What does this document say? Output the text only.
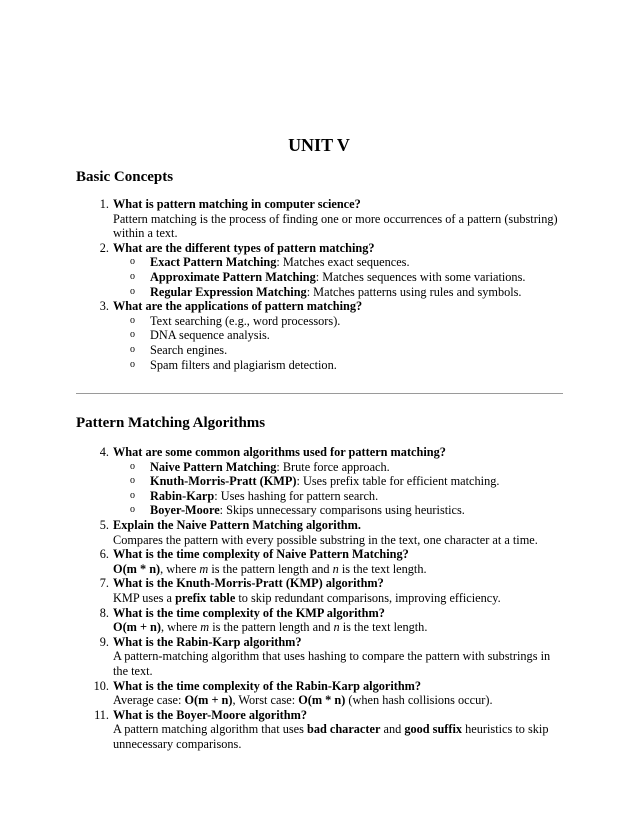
UNIT V
Basic Concepts
1. What is pattern matching in computer science?
Pattern matching is the process of finding one or more occurrences of a pattern (substring) within a text.
2. What are the different types of pattern matching?
o Exact Pattern Matching: Matches exact sequences.
o Approximate Pattern Matching: Matches sequences with some variations.
o Regular Expression Matching: Matches patterns using rules and symbols.
3. What are the applications of pattern matching?
o Text searching (e.g., word processors).
o DNA sequence analysis.
o Search engines.
o Spam filters and plagiarism detection.
Pattern Matching Algorithms
4. What are some common algorithms used for pattern matching?
o Naive Pattern Matching: Brute force approach.
o Knuth-Morris-Pratt (KMP): Uses prefix table for efficient matching.
o Rabin-Karp: Uses hashing for pattern search.
o Boyer-Moore: Skips unnecessary comparisons using heuristics.
5. Explain the Naive Pattern Matching algorithm.
Compares the pattern with every possible substring in the text, one character at a time.
6. What is the time complexity of Naive Pattern Matching?
O(m * n), where m is the pattern length and n is the text length.
7. What is the Knuth-Morris-Pratt (KMP) algorithm?
KMP uses a prefix table to skip redundant comparisons, improving efficiency.
8. What is the time complexity of the KMP algorithm?
O(m + n), where m is the pattern length and n is the text length.
9. What is the Rabin-Karp algorithm?
A pattern-matching algorithm that uses hashing to compare the pattern with substrings in the text.
10. What is the time complexity of the Rabin-Karp algorithm?
Average case: O(m + n), Worst case: O(m * n) (when hash collisions occur).
11. What is the Boyer-Moore algorithm?
A pattern matching algorithm that uses bad character and good suffix heuristics to skip unnecessary comparisons.
